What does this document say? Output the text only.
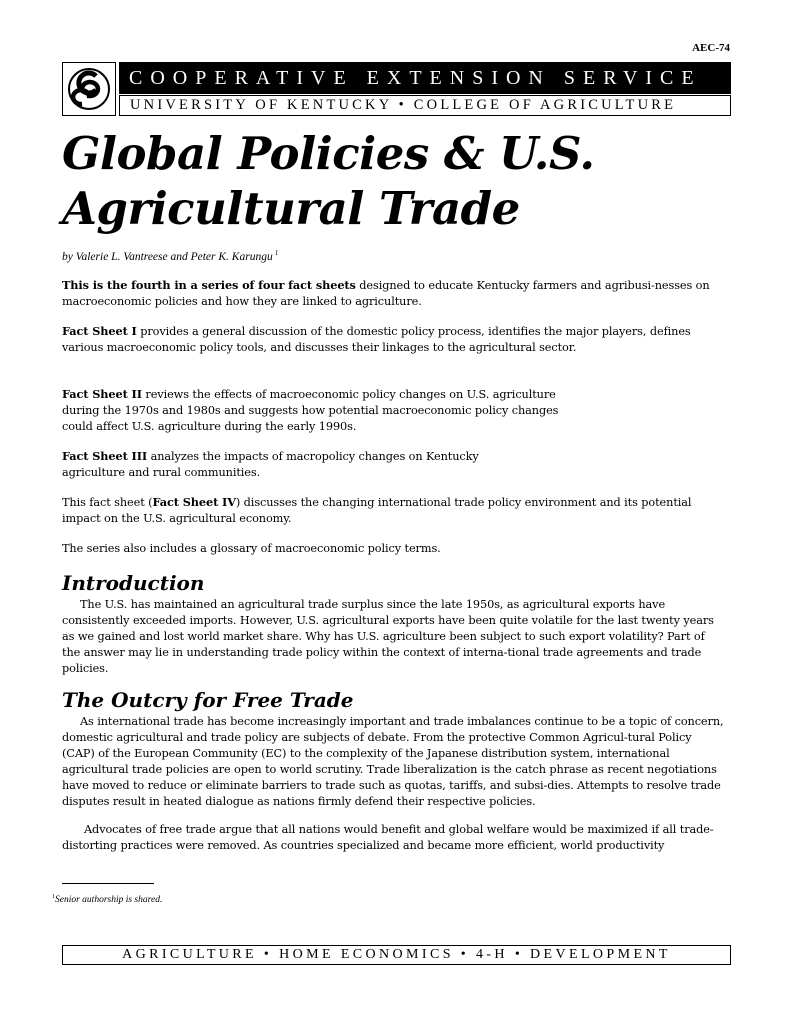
AEC-74
COOPERATIVE EXTENSION SERVICE
UNIVERSITY OF KENTUCKY • COLLEGE OF AGRICULTURE
Global Policies & U.S.
Agricultural Trade

by Valerie L. Vantreese and Peter K. Karungu $^1$

This is the fourth in a series of four fact sheets designed to educate Kentucky farmers and agribusi-nesses on macroeconomic policies and how they are linked to agriculture.

Fact Sheet I provides a general discussion of the domestic policy process, identifies the major players, defines various macroeconomic policy tools, and discusses their linkages to the agricultural sector.

Fact Sheet II reviews the effects of macroeconomic policy changes on U.S. agriculture during the 1970s and 1980s and suggests how potential macroeconomic policy changes could affect U.S. agriculture during the early 1990s.

Fact Sheet III analyzes the impacts of macropolicy changes on Kentucky agriculture and rural communities.

This fact sheet (Fact Sheet IV) discusses the changing international trade policy environment and its potential impact on the U.S. agricultural economy.

The series also includes a glossary of macroeconomic policy terms.

Introduction

The U.S. has maintained an agricultural trade surplus since the late 1950s, as agricultural exports have consistently exceeded imports. However, U.S. agricultural exports have been quite volatile for the last twenty years as we gained and lost world market share. Why has U.S. agriculture been subject to such export volatility? Part of the answer may lie in understanding trade policy within the context of interna-tional trade agreements and trade policies.

The Outcry for Free Trade

As international trade has become increasingly important and trade imbalances continue to be a topic of concern, domestic agricultural and trade policy are subjects of debate. From the protective Common Agricul-tural Policy (CAP) of the European Community (EC) to the complexity of the Japanese distribution system, international agricultural trade policies are open to world scrutiny. Trade liberalization is the catch phrase as recent negotiations have moved to reduce or eliminate barriers to trade such as quotas, tariffs, and subsi-dies. Attempts to resolve trade disputes result in heated dialogue as nations firmly defend their respective policies.

Advocates of free trade argue that all nations would benefit and global welfare would be maximized if all trade-distorting practices were removed. As countries specialized and became more efficient, world productivity

$^1$Senior authorship is shared.

AGRICULTURE • HOME ECONOMICS • 4-H • DEVELOPMENT
